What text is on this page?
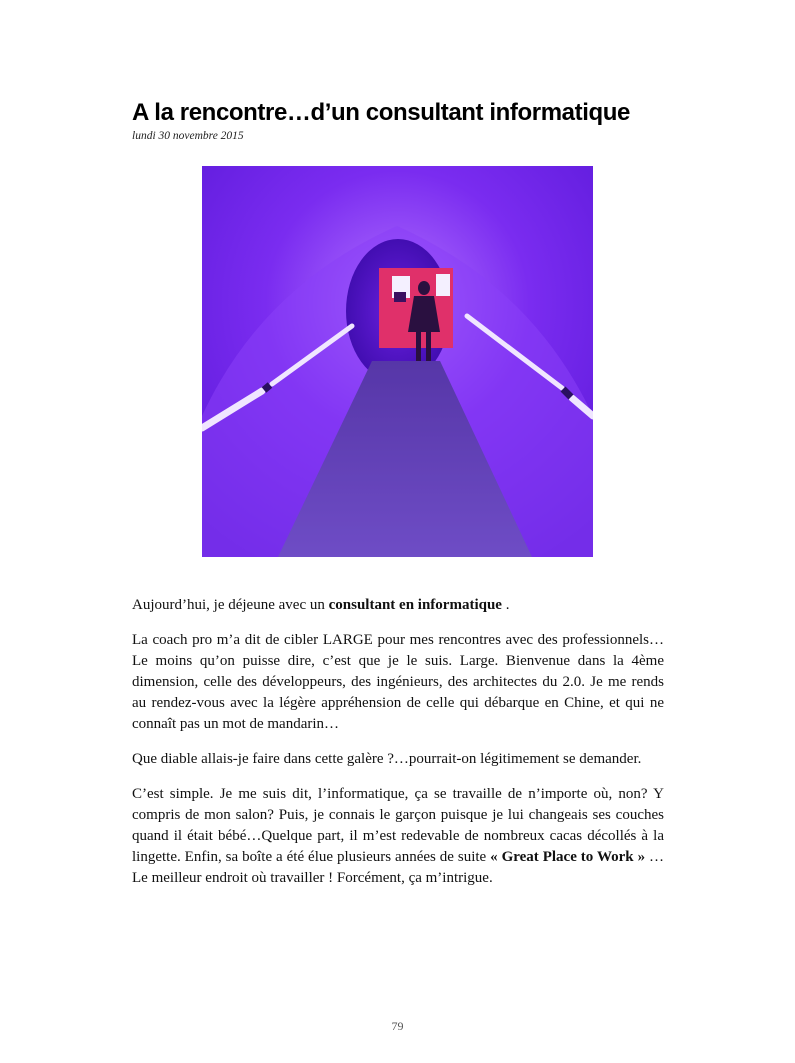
A la rencontre…d’un consultant informatique
lundi 30 novembre 2015

Aujourd’hui, je déjeune avec un consultant en informatique .

La coach pro m’a dit de cibler LARGE pour mes rencontres avec des professionnels…Le moins qu’on puisse dire, c’est que je le suis. Large. Bienvenue dans la 4ème dimension, celle des développeurs, des ingénieurs, des architectes du 2.0. Je me rends au rendez-vous avec la légère appréhension de celle qui débarque en Chine, et qui ne connaît pas un mot de mandarin…

Que diable allais-je faire dans cette galère ?…pourrait-on légitimement se demander.

C’est simple. Je me suis dit, l’informatique, ça se travaille de n’importe où, non? Y compris de mon salon? Puis, je connais le garçon puisque je lui changeais ses couches quand il était bébé…Quelque part, il m’est redevable de nombreux cacas décollés à la lingette. Enfin, sa boîte a été élue plusieurs années de suite « Great Place to Work » …Le meilleur endroit où travailler ! Forcément, ça m’intrigue.

79
